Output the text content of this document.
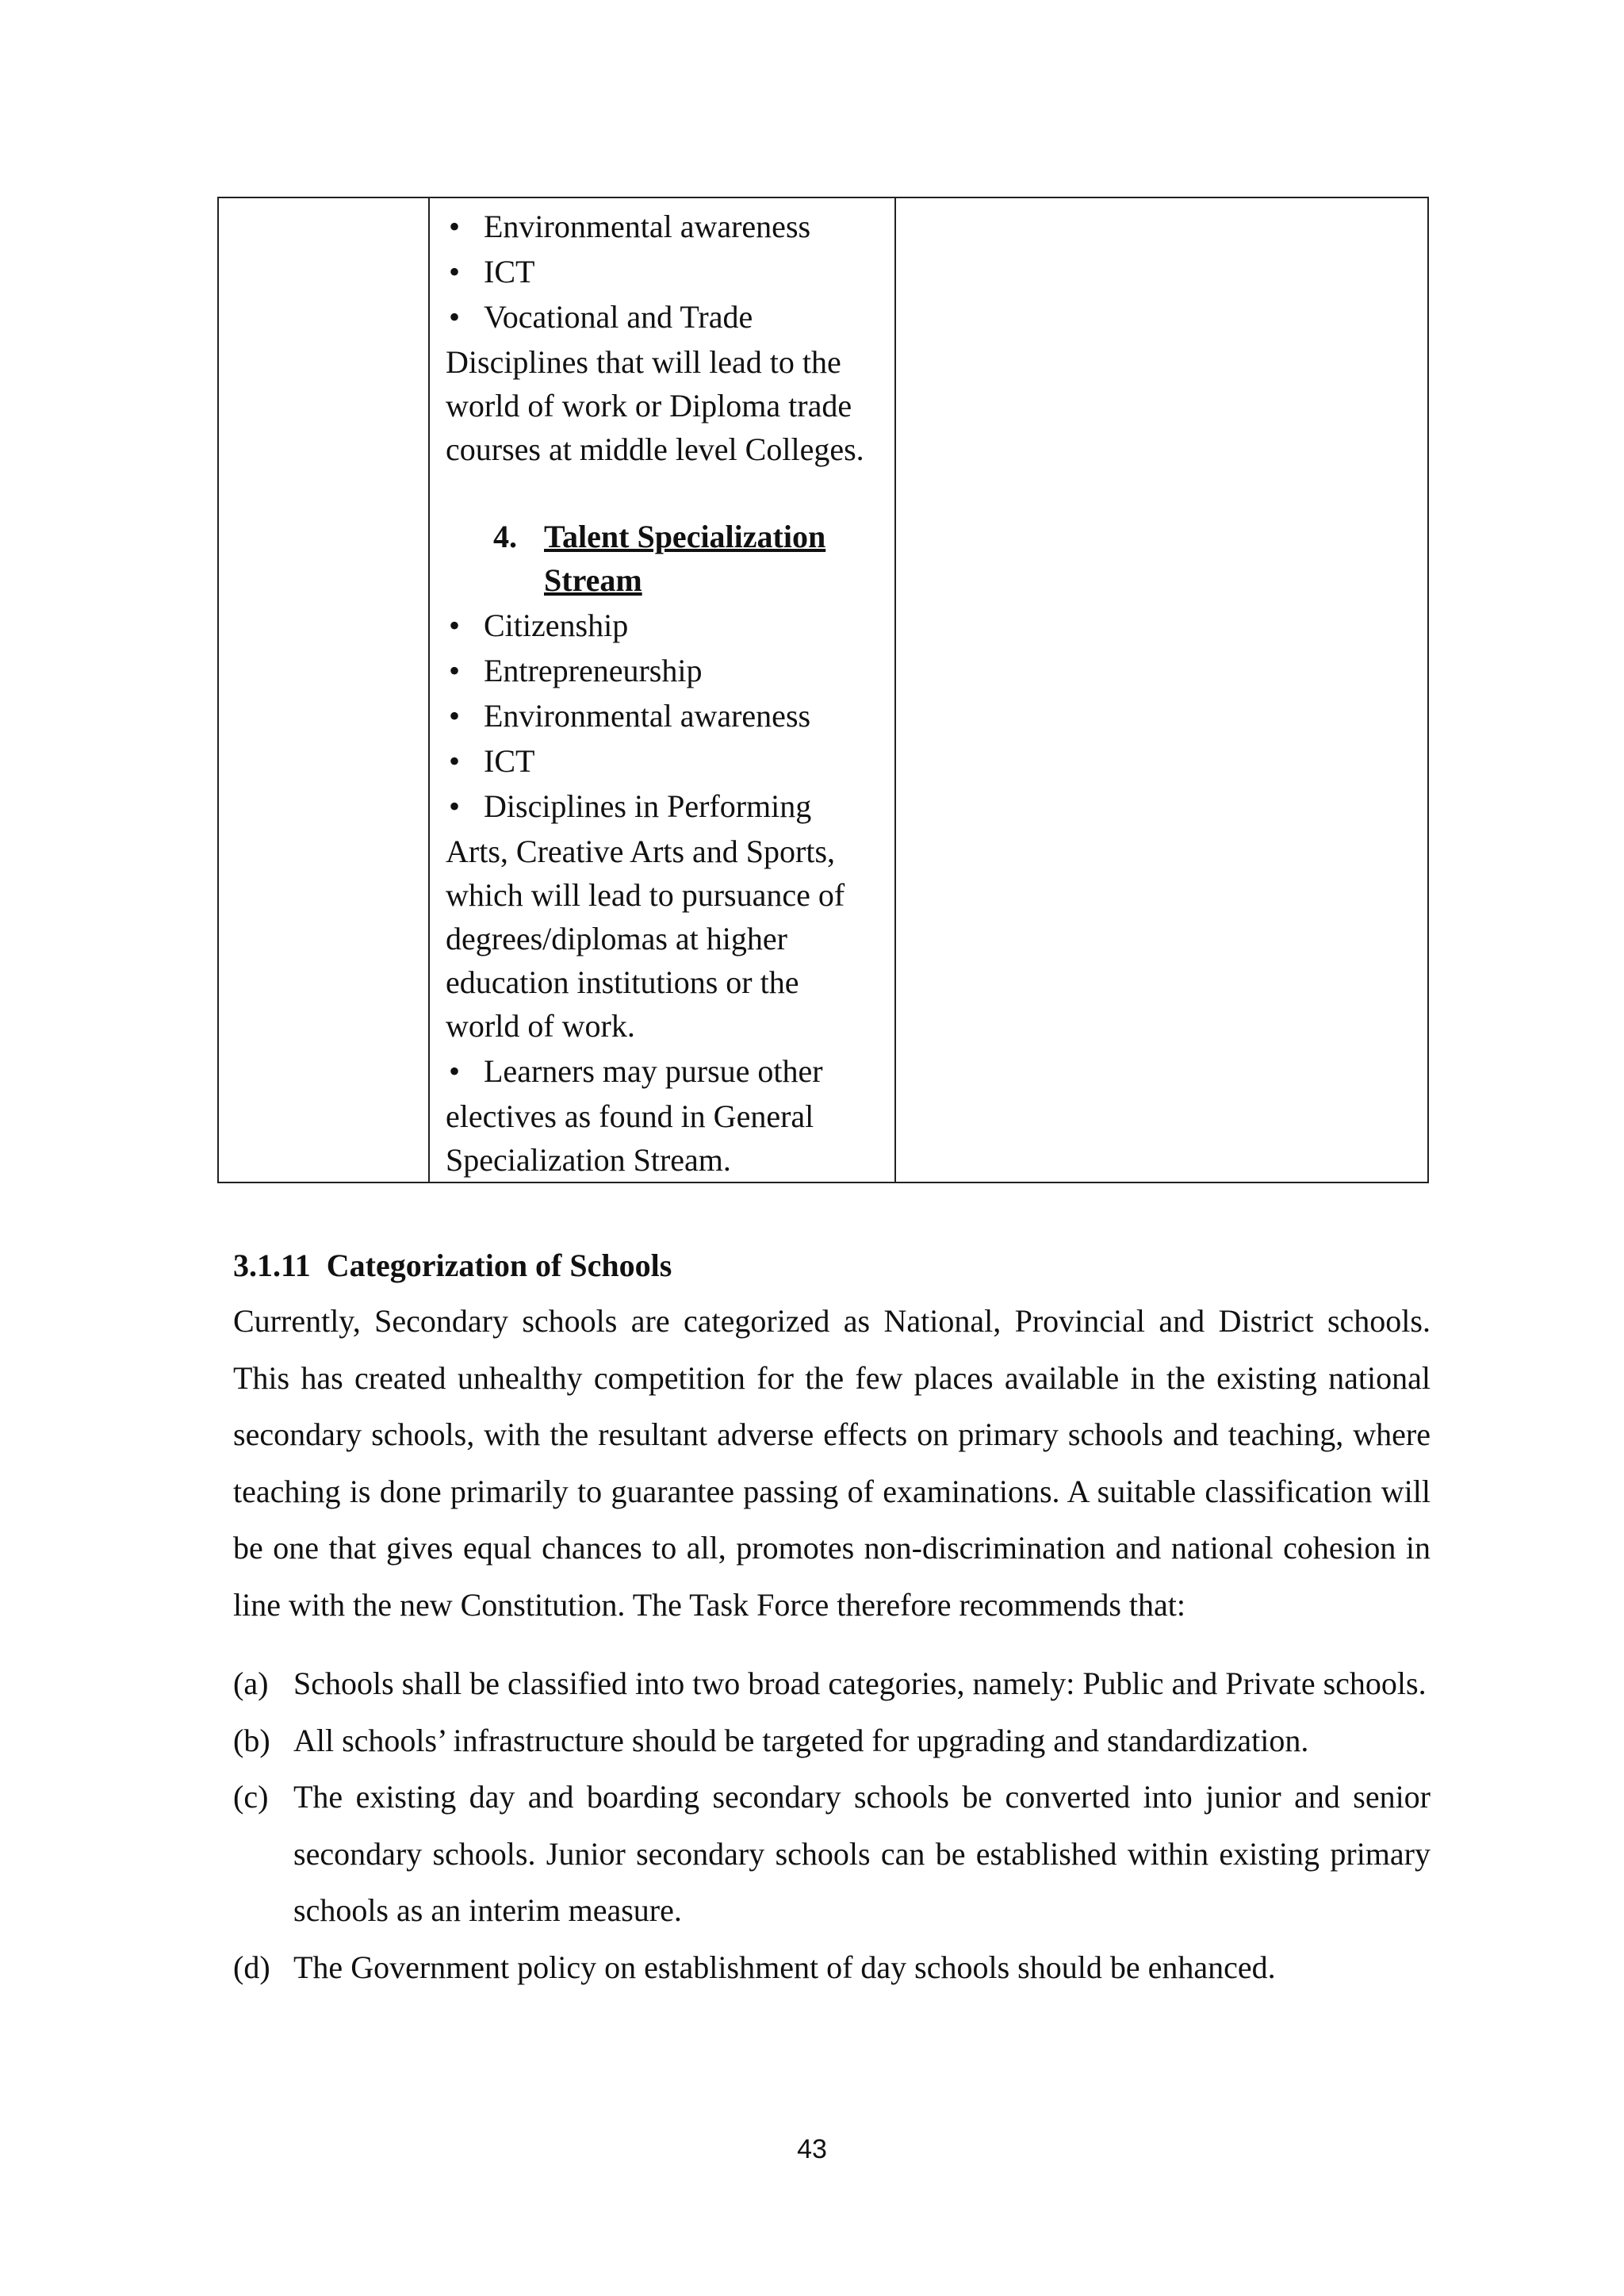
• Environmental awareness
• ICT
• Vocational and Trade

Disciplines that will lead to the

world of work or Diploma trade

courses at middle level Colleges.

4. Talent Specialization

Stream

• Citizenship
• Entrepreneurship
• Environmental awareness
• ICT
• Disciplines in Performing

Arts, Creative Arts and Sports,

which will lead to pursuance of

degrees/diplomas at higher

education institutions or the

world of work.

• Learners may pursue other

electives as found in General

Specialization Stream.

3.1.11 Categorization of Schools

Currently, Secondary schools are categorized as National, Provincial and District schools. This has created unhealthy competition for the few places available in the existing national secondary schools, with the resultant adverse effects on primary schools and teaching, where teaching is done primarily to guarantee passing of examinations. A suitable classification will be one that gives equal chances to all, promotes non-discrimination and national cohesion in line with the new Constitution. The Task Force therefore recommends that:

(a) Schools shall be classified into two broad categories, namely: Public and Private schools.
(b) All schools’ infrastructure should be targeted for upgrading and standardization.
(c) The existing day and boarding secondary schools be converted into junior and senior secondary schools. Junior secondary schools can be established within existing primary schools as an interim measure.
(d) The Government policy on establishment of day schools should be enhanced.
43
